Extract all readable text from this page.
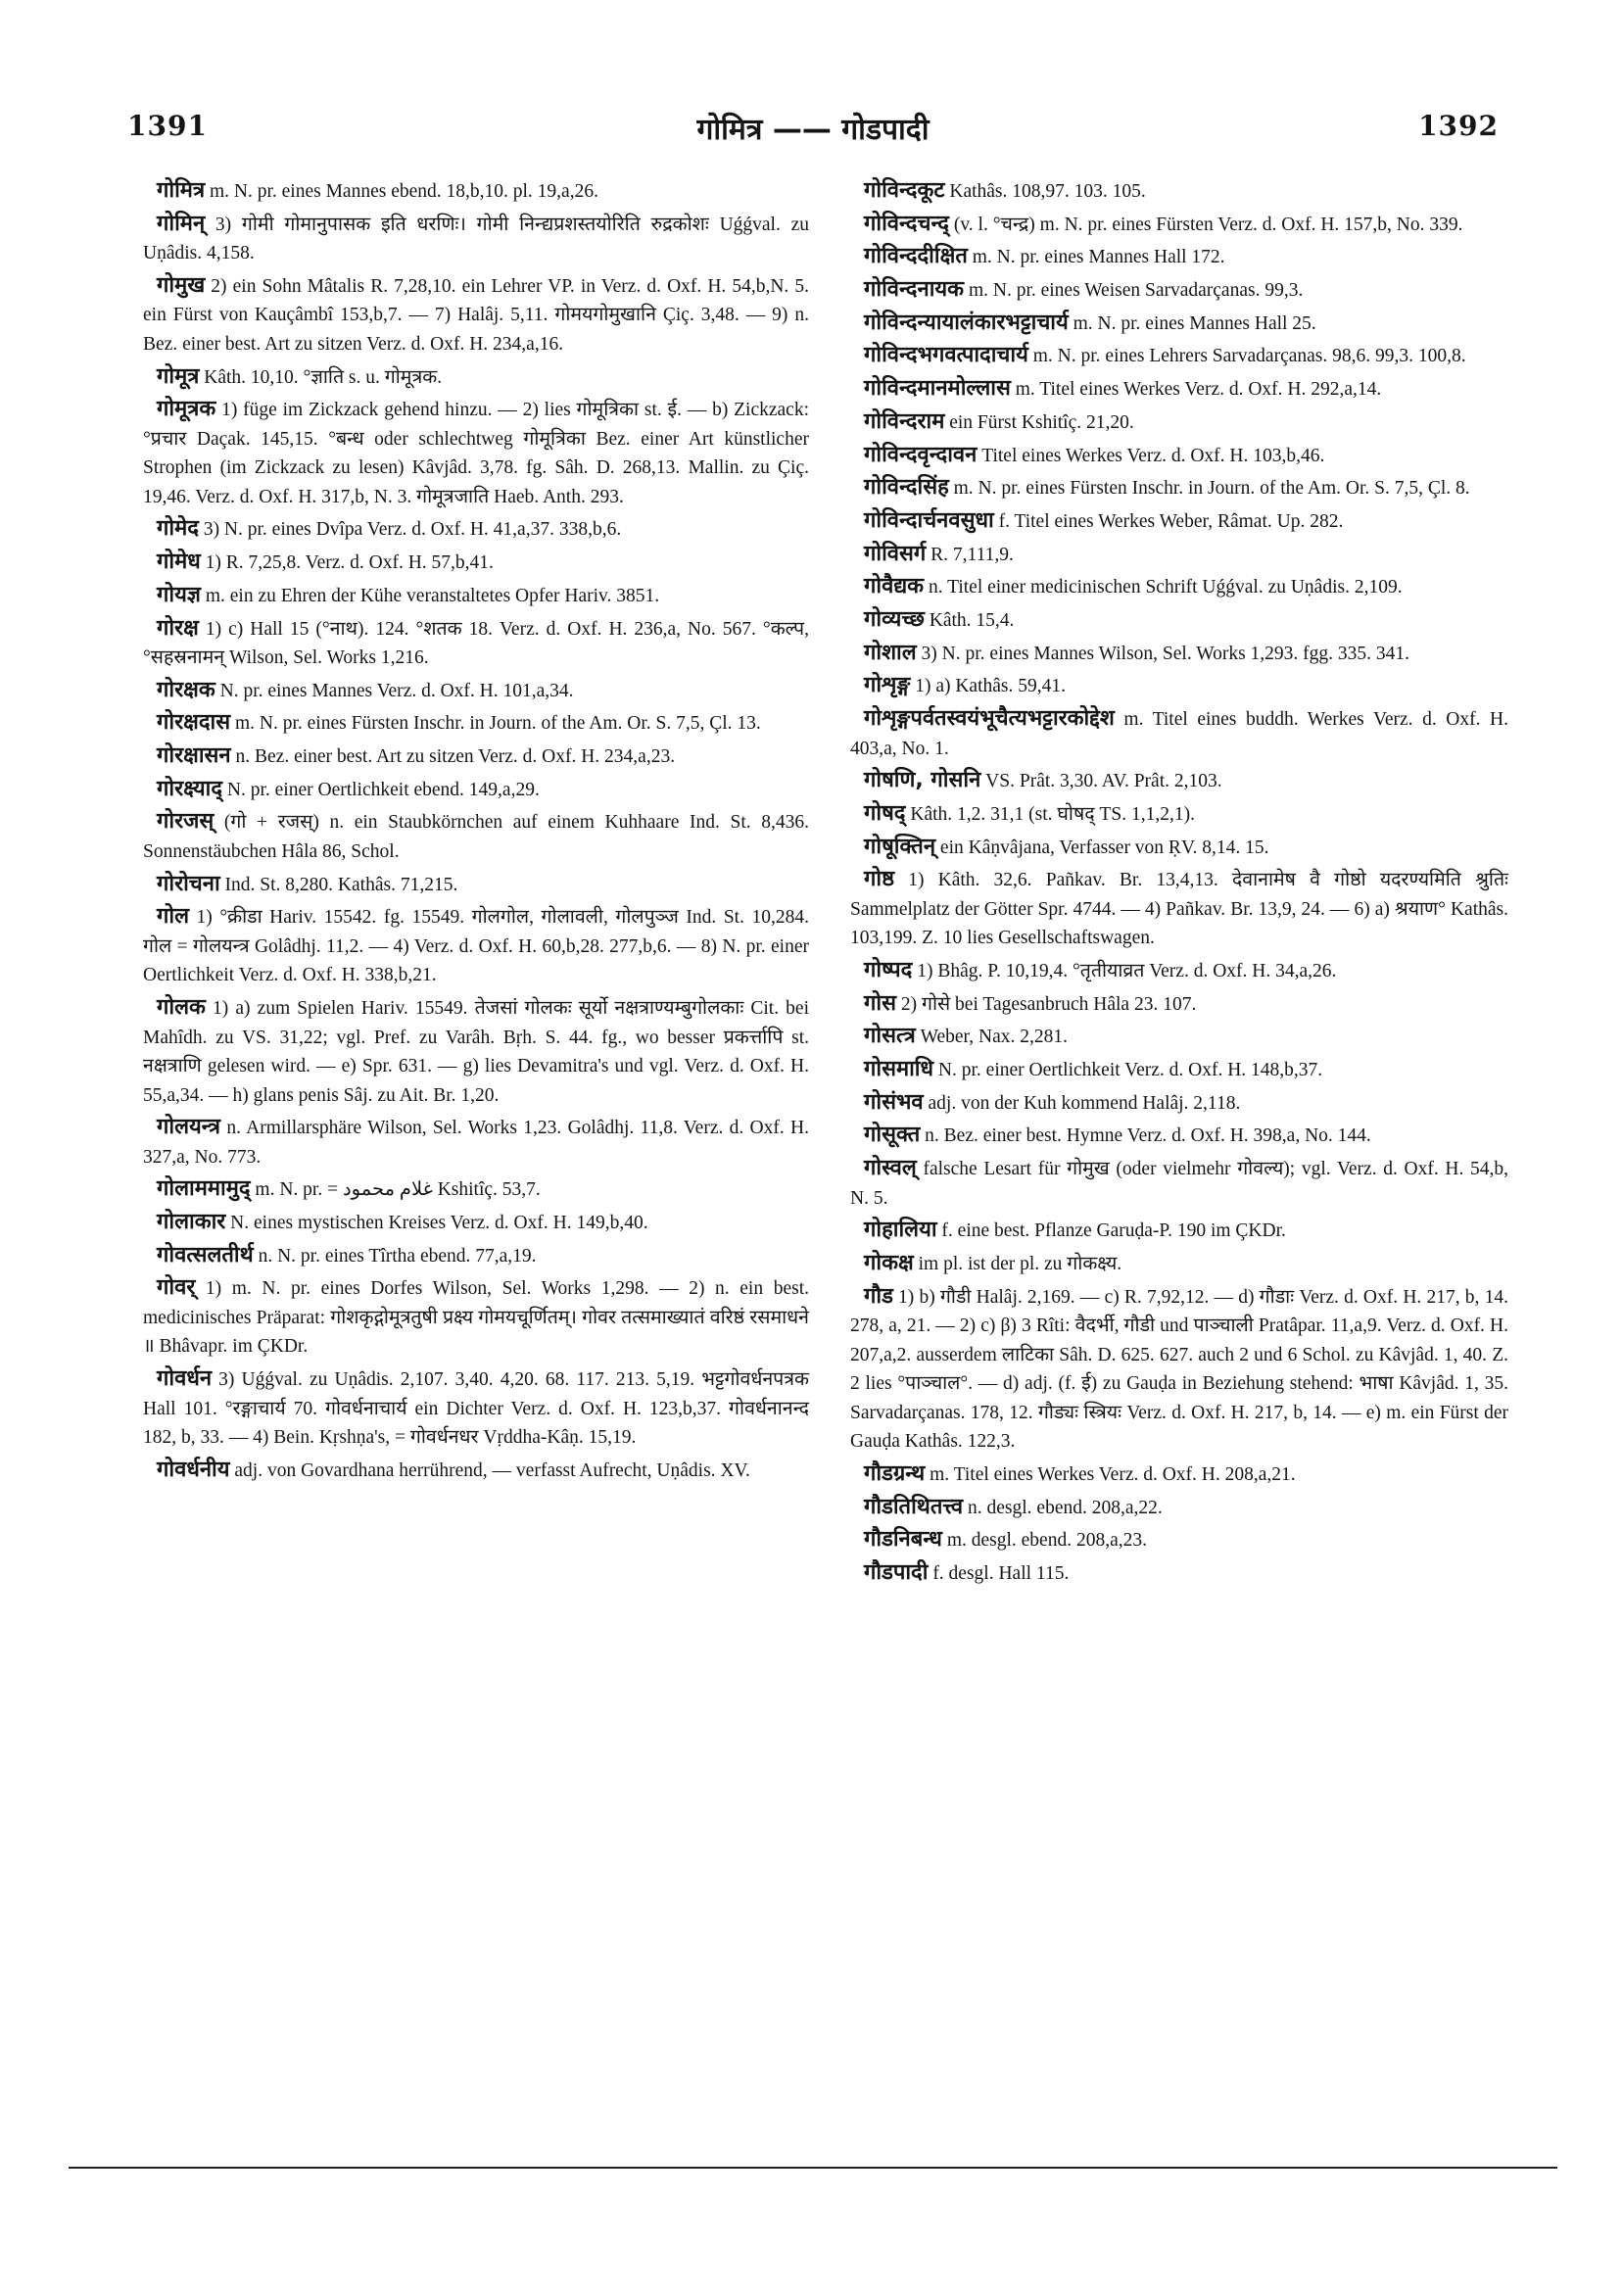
1391	गोमित्र —— गोडपादी	1392

गोमित्र m. N. pr. eines Mannes ebend. 18,b,10. pl. 19,a,26.

गोमिन् 3) गोमी गोमानुपासक इति धरणिः। गोमी निन्द्यप्रशस्तयोरिति रुद्रकोशः Uǵǵval. zu Uṇâdis. 4,158.

गोमुख 2) ein Sohn Mâtalis R. 7,28,10. ein Lehrer VP. in Verz. d. Oxf. H. 54,b,N. 5. ein Fürst von Kauçâmbî 153,b,7. — 7) Halâj. 5,11. गोमयगोमुखानि Çiç. 3,48. — 9) n. Bez. einer best. Art zu sitzen Verz. d. Oxf. H. 234,a,16.

गोमूत्र Kâth. 10,10. °ज्ञाति s. u. गोमूत्रक.

गोमूत्रक 1) füge im Zickzack gehend hinzu. — 2) lies गोमूत्रिका st. ई. — b) Zickzack: °प्रचार Daçak. 145,15. °बन्ध oder schlechtweg गोमूत्रिका Bez. einer Art künstlicher Strophen (im Zickzack zu lesen) Kâvjâd. 3,78. fg. Sâh. D. 268,13. Mallin. zu Çiç. 19,46. Verz. d. Oxf. H. 317,b, N. 3. गोमूत्रजाति Haeb. Anth. 293.

गोमेद 3) N. pr. eines Dvîpa Verz. d. Oxf. H. 41,a,37. 338,b,6.

गोमेध 1) R. 7,25,8. Verz. d. Oxf. H. 57,b,41.

गोयज्ञ m. ein zu Ehren der Kühe veranstaltetes Opfer Hariv. 3851.

गोरक्ष 1) c) Hall 15 (°नाथ). 124. °शतक 18. Verz. d. Oxf. H. 236,a, No. 567. °कल्प, °सहस्रनामन् Wilson, Sel. Works 1,216.

गोरक्षक N. pr. eines Mannes Verz. d. Oxf. H. 101,a,34.

गोरक्षदास m. N. pr. eines Fürsten Inschr. in Journ. of the Am. Or. S. 7,5, Çl. 13.

गोरक्षासन n. Bez. einer best. Art zu sitzen Verz. d. Oxf. H. 234,a,23.

गोरक्ष्याद् N. pr. einer Oertlichkeit ebend. 149,a,29.

गोरजस् (गो + रजस्) n. ein Staubkörnchen auf einem Kuhhaare Ind. St. 8,436. Sonnenstäubchen Hâla 86, Schol.

गोरोचना Ind. St. 8,280. Kathâs. 71,215.

गोल 1) °क्रीडा Hariv. 15542. fg. 15549. गोलगोल, गोलावली, गोलपुञ्ज Ind. St. 10,284. गोल = गोलयन्त्र Golâdhj. 11,2. — 4) Verz. d. Oxf. H. 60,b,28. 277,b,6. — 8) N. pr. einer Oertlichkeit Verz. d. Oxf. H. 338,b,21.

गोलक 1) a) zum Spielen Hariv. 15549. तेजसां गोलकः सूर्यो नक्षत्राण्यम्बुगोलकाः Cit. bei Mahîdh. zu VS. 31,22; vgl. Pref. zu Varâh. Bṛh. S. 44. fg., wo besser प्रकर्त्तापि st. नक्षत्राणि gelesen wird. — e) Spr. 631. — g) lies Devamitra's und vgl. Verz. d. Oxf. H. 55,a,34. — h) glans penis Sâj. zu Ait. Br. 1,20.

गोलयन्त्र n. Armillarsphäre Wilson, Sel. Works 1,23. Golâdhj. 11,8. Verz. d. Oxf. H. 327,a, No. 773.

गोलाममामुद् m. N. pr. = غلام محمود Kshitîç. 53,7.

गोलाकार N. eines mystischen Kreises Verz. d. Oxf. H. 149,b,40.

गोवत्सलतीर्थ n. N. pr. eines Tîrtha ebend. 77,a,19.

गोवर् 1) m. N. pr. eines Dorfes Wilson, Sel. Works 1,298. — 2) n. ein best. medicinisches Präparat: गोशकृद्गोमूत्रतुषी प्रक्ष्य गोमयचूर्णितम्। गोवर तत्समाख्यातं वरिष्ठं रसमाधने ॥ Bhâvapr. im ÇKDr.

गोवर्धन 3) Uǵǵval. zu Uṇâdis. 2,107. 3,40. 4,20. 68. 117. 213. 5,19. भट्टगोवर्धनपत्रक Hall 101. °रङ्गाचार्य 70. गोवर्धनाचार्य ein Dichter Verz. d. Oxf. H. 123,b,37. गोवर्धनानन्द 182, b, 33. — 4) Bein. Kṛshṇa's, = गोवर्धनधर Vṛddha-Kâṇ. 15,19.

गोवर्धनीय adj. von Govardhana herrührend, — verfasst Aufrecht, Uṇâdis. XV.

गोविन्दकूट Kathâs. 108,97. 103. 105.

गोविन्दचन्द् (v. l. °चन्द्र) m. N. pr. eines Fürsten Verz. d. Oxf. H. 157,b, No. 339.

गोविन्ददीक्षित m. N. pr. eines Mannes Hall 172.

गोविन्दनायक m. N. pr. eines Weisen Sarvadarçanas. 99,3.

गोविन्दन्यायालंकारभट्टाचार्य m. N. pr. eines Mannes Hall 25.

गोविन्दभगवत्पादाचार्य m. N. pr. eines Lehrers Sarvadarçanas. 98,6. 99,3. 100,8.

गोविन्दमानमोल्लास m. Titel eines Werkes Verz. d. Oxf. H. 292,a,14.

गोविन्दराम ein Fürst Kshitîç. 21,20.

गोविन्दवृन्दावन Titel eines Werkes Verz. d. Oxf. H. 103,b,46.

गोविन्दसिंह m. N. pr. eines Fürsten Inschr. in Journ. of the Am. Or. S. 7,5, Çl. 8.

गोविन्दार्चनवसुधा f. Titel eines Werkes Weber, Râmat. Up. 282.

गोविसर्ग R. 7,111,9.

गोवैद्यक n. Titel einer medicinischen Schrift Uǵǵval. zu Uṇâdis. 2,109.

गोव्यच्छ Kâth. 15,4.

गोशाल 3) N. pr. eines Mannes Wilson, Sel. Works 1,293. fgg. 335. 341.

गोशृङ्ग 1) a) Kathâs. 59,41.

गोशृङ्गपर्वतस्वयंभूचैत्यभट्टारकोद्देश m. Titel eines buddh. Werkes Verz. d. Oxf. H. 403,a, No. 1.

गोषणि, गोसनि VS. Prât. 3,30. AV. Prât. 2,103.

गोषद् Kâth. 1,2. 31,1 (st. घोषद् TS. 1,1,2,1).

गोषूक्तिन् ein Kâṇvâjana, Verfasser von ṚV. 8,14. 15.

गोष्ठ 1) Kâth. 32,6. Pañkav. Br. 13,4,13. देवानामेष वै गोष्ठो यदरण्यमिति श्रुतिः Sammelplatz der Götter Spr. 4744. — 4) Pañkav. Br. 13,9, 24. — 6) a) श्रयाण° Kathâs. 103,199. Z. 10 lies Gesellschaftswagen.

गोष्पद 1) Bhâg. P. 10,19,4. °तृतीयाव्रत Verz. d. Oxf. H. 34,a,26.

गोस 2) गोसे bei Tagesanbruch Hâla 23. 107.

गोसत्त्र Weber, Nax. 2,281.

गोसमाधि N. pr. einer Oertlichkeit Verz. d. Oxf. H. 148,b,37.

गोसंभव adj. von der Kuh kommend Halâj. 2,118.

गोसूक्त n. Bez. einer best. Hymne Verz. d. Oxf. H. 398,a, No. 144.

गोस्वल् falsche Lesart für गोमुख (oder vielmehr गोवल्य); vgl. Verz. d. Oxf. H. 54,b, N. 5.

गोहालिया f. eine best. Pflanze Garuḍa-P. 190 im ÇKDr.

गोकक्ष im pl. ist der pl. zu गोकक्ष्य.

गौड 1) b) गौडी Halâj. 2,169. — c) R. 7,92,12. — d) गौडाः Verz. d. Oxf. H. 217, b, 14. 278, a, 21. — 2) c) β) 3 Rîti: वैदर्भी, गौडी und पाञ्चाली Pratâpar. 11,a,9. Verz. d. Oxf. H. 207,a,2. ausserdem लाटिका Sâh. D. 625. 627. auch 2 und 6 Schol. zu Kâvjâd. 1, 40. Z. 2 lies °पाञ्चाल°. — d) adj. (f. ई) zu Gauḍa in Beziehung stehend: भाषा Kâvjâd. 1, 35. Sarvadarçanas. 178, 12. गौड्यः स्त्रियः Verz. d. Oxf. H. 217, b, 14. — e) m. ein Fürst der Gauḍa Kathâs. 122,3.

गौडग्रन्थ m. Titel eines Werkes Verz. d. Oxf. H. 208,a,21.

गौडतिथितत्त्व n. desgl. ebend. 208,a,22.

गौडनिबन्ध m. desgl. ebend. 208,a,23.

गौडपादी f. desgl. Hall 115.
